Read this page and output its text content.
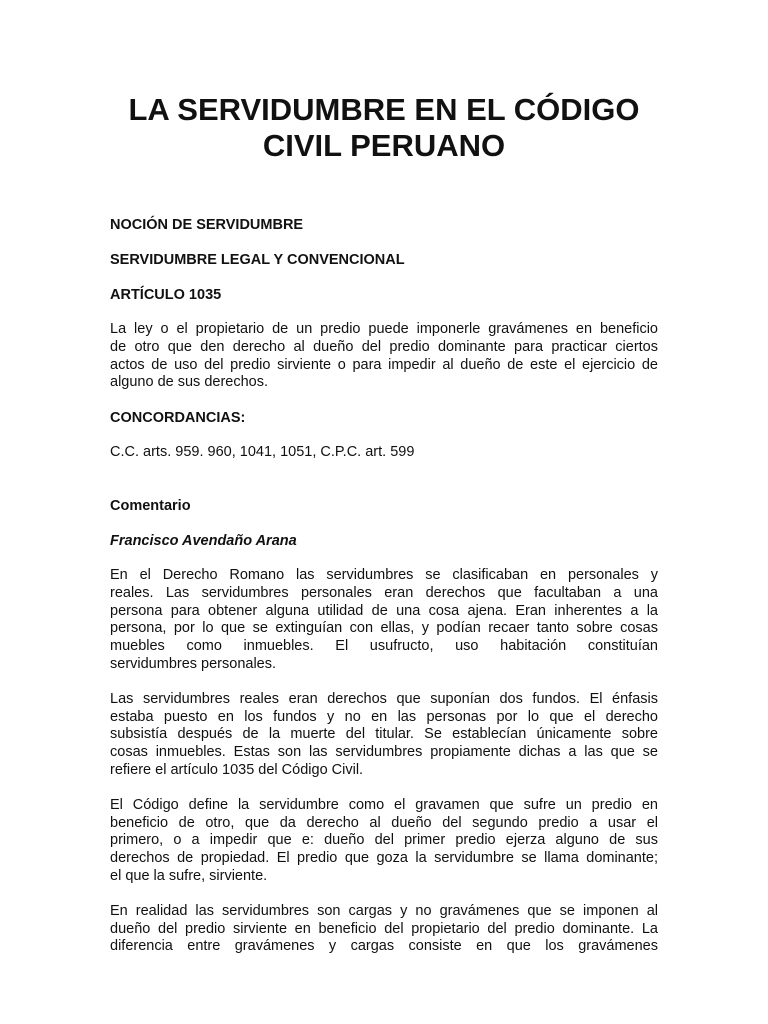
LA SERVIDUMBRE EN EL CÓDIGO
CIVIL PERUANO
NOCIÓN DE SERVIDUMBRE
SERVIDUMBRE LEGAL Y CONVENCIONAL
ARTÍCULO 1035
La ley o el propietario de un predio puede imponerle gravámenes en beneficio
de otro que den derecho al dueño del predio dominante para practicar ciertos
actos de uso del predio sirviente o para impedir al dueño de este el ejercicio de
alguno de sus derechos.
CONCORDANCIAS:
C.C. arts. 959. 960, 1041, 1051, C.P.C. art. 599
Comentario
Francisco Avendaño Arana
En el Derecho Romano las servidumbres se clasificaban en personales y
reales. Las servidumbres personales eran derechos que facultaban a una
persona para obtener alguna utilidad de una cosa ajena. Eran inherentes a la
persona, por lo que se extinguían con ellas, y podían recaer tanto sobre cosas
muebles como inmuebles. El usufructo, uso habitación constituían
servidumbres personales.
Las servidumbres reales eran derechos que suponían dos fundos. El énfasis
estaba puesto en los fundos y no en las personas por lo que el derecho
subsistía después de la muerte del titular. Se establecían únicamente sobre
cosas inmuebles. Estas son las servidumbres propiamente dichas a las que se
refiere el artículo 1035 del Código Civil.
El Código define la servidumbre como el gravamen que sufre un predio en
beneficio de otro, que da derecho al dueño del segundo predio a usar el
primero, o a impedir que e: dueño del primer predio ejerza alguno de sus
derechos de propiedad. El predio que goza la servidumbre se llama dominante;
el que la sufre, sirviente.
En realidad las servidumbres son cargas y no gravámenes que se imponen al
dueño del predio sirviente en beneficio del propietario del predio dominante. La
diferencia entre gravámenes y cargas consiste en que los gravámenes
